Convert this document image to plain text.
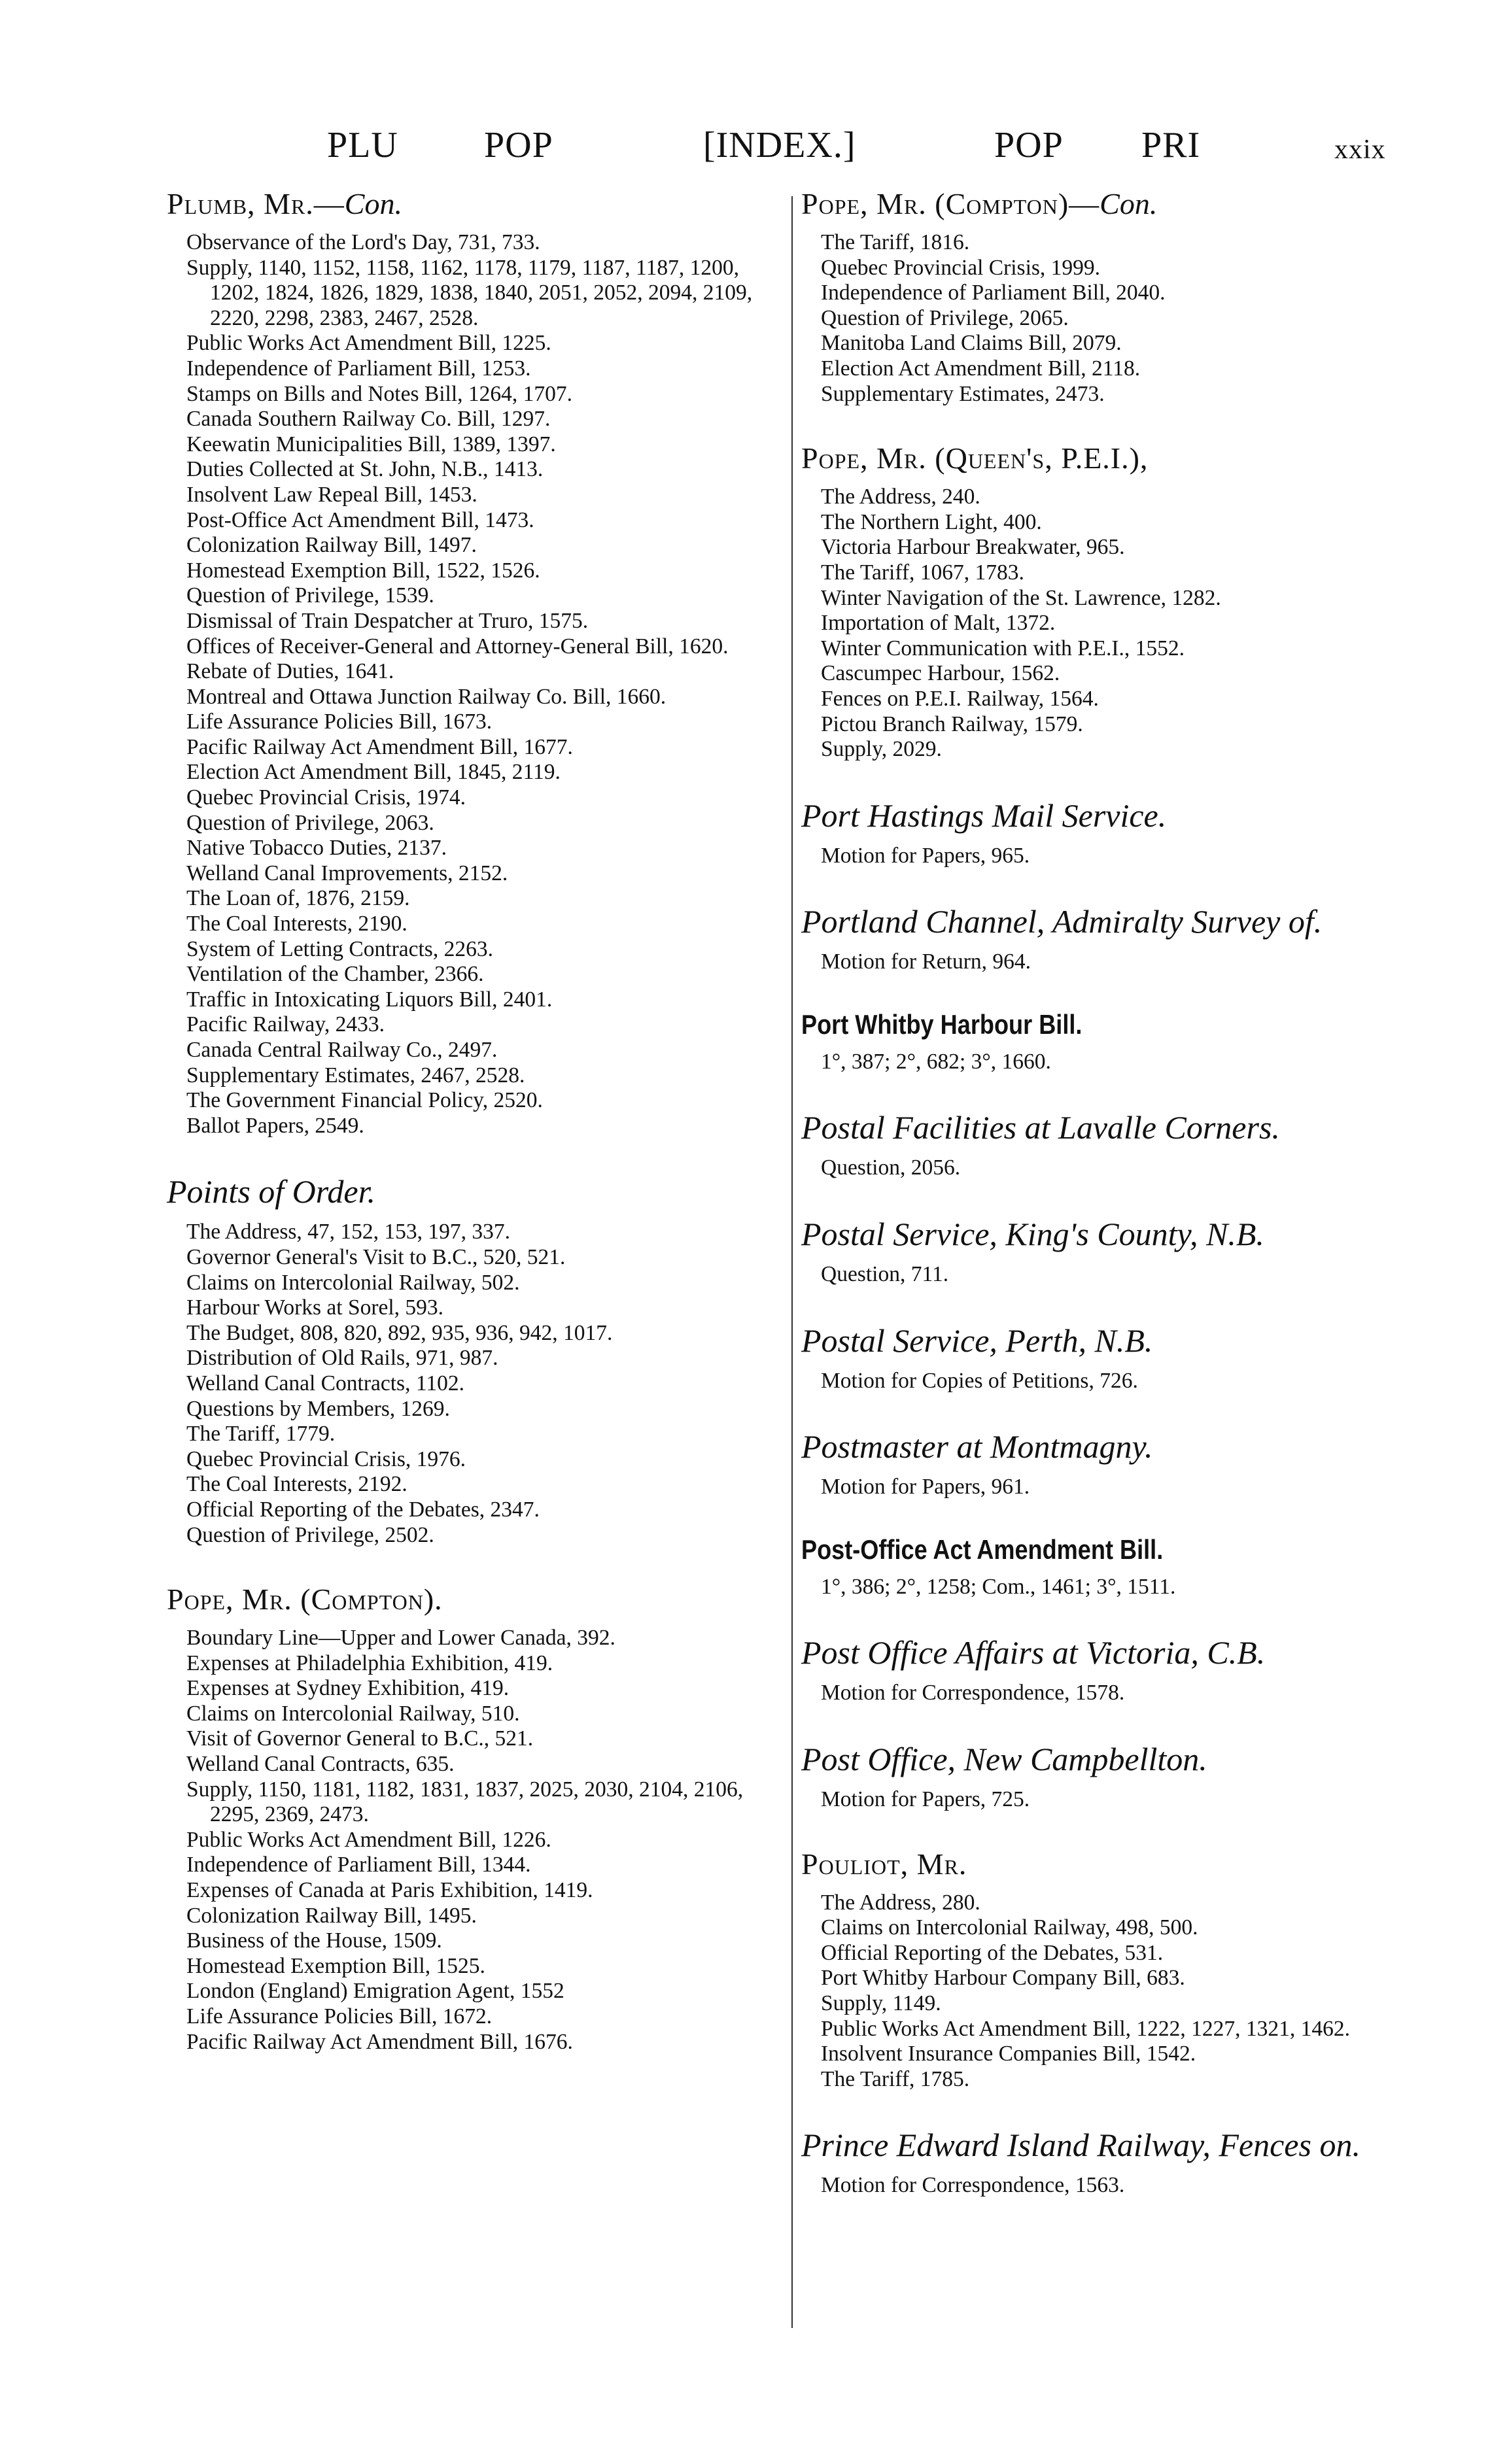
PLU POP	[INDEX.]	POP PRI	xxix
Plumb, Mr.—Con.
Observance of the Lord's Day, 731, 733.
Supply, 1140, 1152, 1158, 1162, 1178, 1179, 1187, 1187, 1200, 1202, 1824, 1826, 1829, 1838, 1840, 2051, 2052, 2094, 2109, 2220, 2298, 2383, 2467, 2528.
Public Works Act Amendment Bill, 1225.
Independence of Parliament Bill, 1253.
Stamps on Bills and Notes Bill, 1264, 1707.
Canada Southern Railway Co. Bill, 1297.
Keewatin Municipalities Bill, 1389, 1397.
Duties Collected at St. John, N.B., 1413.
Insolvent Law Repeal Bill, 1453.
Post-Office Act Amendment Bill, 1473.
Colonization Railway Bill, 1497.
Homestead Exemption Bill, 1522, 1526.
Question of Privilege, 1539.
Dismissal of Train Despatcher at Truro, 1575.
Offices of Receiver-General and Attorney-General Bill, 1620.
Rebate of Duties, 1641.
Montreal and Ottawa Junction Railway Co. Bill, 1660.
Life Assurance Policies Bill, 1673.
Pacific Railway Act Amendment Bill, 1677.
Election Act Amendment Bill, 1845, 2119.
Quebec Provincial Crisis, 1974.
Question of Privilege, 2063.
Native Tobacco Duties, 2137.
Welland Canal Improvements, 2152.
The Loan of, 1876, 2159.
The Coal Interests, 2190.
System of Letting Contracts, 2263.
Ventilation of the Chamber, 2366.
Traffic in Intoxicating Liquors Bill, 2401.
Pacific Railway, 2433.
Canada Central Railway Co., 2497.
Supplementary Estimates, 2467, 2528.
The Government Financial Policy, 2520.
Ballot Papers, 2549.
Points of Order.
The Address, 47, 152, 153, 197, 337.
Governor General's Visit to B.C., 520, 521.
Claims on Intercolonial Railway, 502.
Harbour Works at Sorel, 593.
The Budget, 808, 820, 892, 935, 936, 942, 1017.
Distribution of Old Rails, 971, 987.
Welland Canal Contracts, 1102.
Questions by Members, 1269.
The Tariff, 1779.
Quebec Provincial Crisis, 1976.
The Coal Interests, 2192.
Official Reporting of the Debates, 2347.
Question of Privilege, 2502.
Pope, Mr. (Compton).
Boundary Line—Upper and Lower Canada, 392.
Expenses at Philadelphia Exhibition, 419.
Expenses at Sydney Exhibition, 419.
Claims on Intercolonial Railway, 510.
Visit of Governor General to B.C., 521.
Welland Canal Contracts, 635.
Supply, 1150, 1181, 1182, 1831, 1837, 2025, 2030, 2104, 2106, 2295, 2369, 2473.
Public Works Act Amendment Bill, 1226.
Independence of Parliament Bill, 1344.
Expenses of Canada at Paris Exhibition, 1419.
Colonization Railway Bill, 1495.
Business of the House, 1509.
Homestead Exemption Bill, 1525.
London (England) Emigration Agent, 1552
Life Assurance Policies Bill, 1672.
Pacific Railway Act Amendment Bill, 1676.
Pope, Mr. (Compton)—Con.
The Tariff, 1816.
Quebec Provincial Crisis, 1999.
Independence of Parliament Bill, 2040.
Question of Privilege, 2065.
Manitoba Land Claims Bill, 2079.
Election Act Amendment Bill, 2118.
Supplementary Estimates, 2473.
Pope, Mr. (Queen's, P.E.I.),
The Address, 240.
The Northern Light, 400.
Victoria Harbour Breakwater, 965.
The Tariff, 1067, 1783.
Winter Navigation of the St. Lawrence, 1282.
Importation of Malt, 1372.
Winter Communication with P.E.I., 1552.
Cascumpec Harbour, 1562.
Fences on P.E.I. Railway, 1564.
Pictou Branch Railway, 1579.
Supply, 2029.
Port Hastings Mail Service.
Motion for Papers, 965.
Portland Channel, Admiralty Survey of.
Motion for Return, 964.
Port Whitby Harbour Bill.
1°, 387; 2°, 682; 3°, 1660.
Postal Facilities at Lavalle Corners.
Question, 2056.
Postal Service, King's County, N.B.
Question, 711.
Postal Service, Perth, N.B.
Motion for Copies of Petitions, 726.
Postmaster at Montmagny.
Motion for Papers, 961.
Post-Office Act Amendment Bill.
1°, 386; 2°, 1258; Com., 1461; 3°, 1511.
Post Office Affairs at Victoria, C.B.
Motion for Correspondence, 1578.
Post Office, New Campbellton.
Motion for Papers, 725.
Pouliot, Mr.
The Address, 280.
Claims on Intercolonial Railway, 498, 500.
Official Reporting of the Debates, 531.
Port Whitby Harbour Company Bill, 683.
Supply, 1149.
Public Works Act Amendment Bill, 1222, 1227, 1321, 1462.
Insolvent Insurance Companies Bill, 1542.
The Tariff, 1785.
Prince Edward Island Railway, Fences on.
Motion for Correspondence, 1563.
